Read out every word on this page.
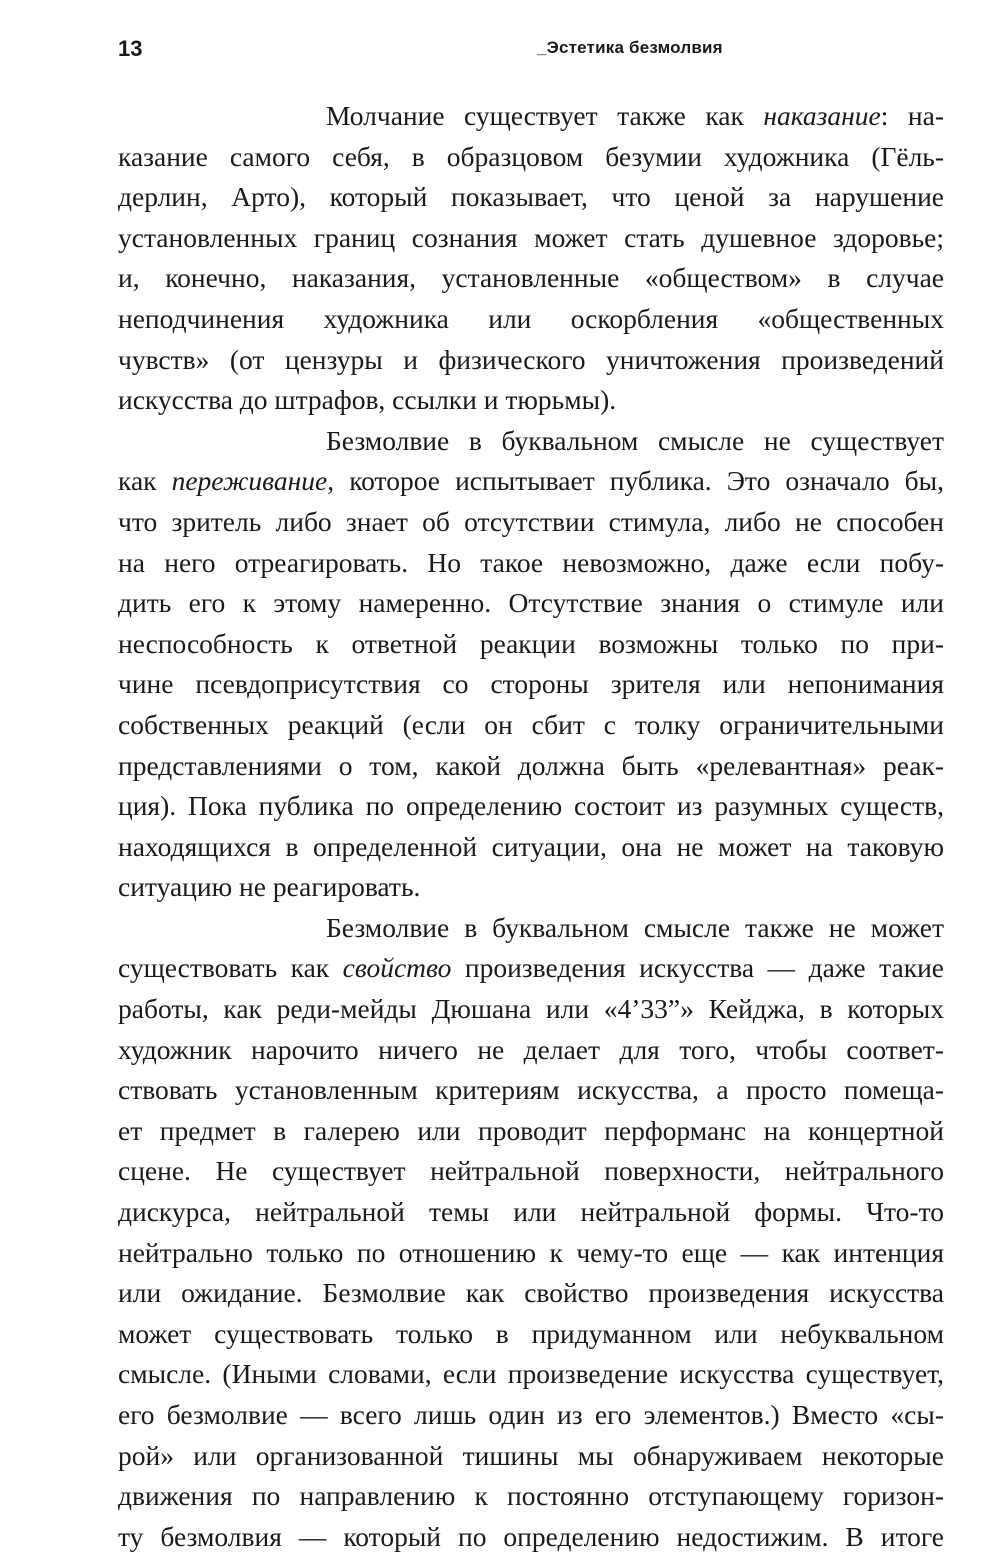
13	_Эстетика безмолвия
Молчание существует также как наказание: на-
казание самого себя, в образцовом безумии художника (Гёль-
дерлин, Арто), который показывает, что ценой за нарушение
установленных границ сознания может стать душевное здоровье;
и, конечно, наказания, установленные «обществом» в случае
неподчинения художника или оскорбления «общественных
чувств» (от цензуры и физического уничтожения произведений
искусства до штрафов, ссылки и тюрьмы).
Безмолвие в буквальном смысле не существует
как переживание, которое испытывает публика. Это означало бы,
что зритель либо знает об отсутствии стимула, либо не способен
на него отреагировать. Но такое невозможно, даже если побу-
дить его к этому намеренно. Отсутствие знания о стимуле или
неспособность к ответной реакции возможны только по при-
чине псевдоприсутствия со стороны зрителя или непонимания
собственных реакций (если он сбит с толку ограничительными
представлениями о том, какой должна быть «релевантная» реак-
ция). Пока публика по определению состоит из разумных существ,
находящихся в определенной ситуации, она не может на таковую
ситуацию не реагировать.
Безмолвие в буквальном смысле также не может
существовать как свойство произведения искусства — даже такие
работы, как реди-мейды Дюшана или «4’33”» Кейджа, в которых
художник нарочито ничего не делает для того, чтобы соответ-
ствовать установленным критериям искусства, а просто помеща-
ет предмет в галерею или проводит перформанс на концертной
сцене. Не существует нейтральной поверхности, нейтрального
дискурса, нейтральной темы или нейтральной формы. Что-то
нейтрально только по отношению к чему-то еще — как интенция
или ожидание. Безмолвие как свойство произведения искусства
может существовать только в придуманном или небуквальном
смысле. (Иными словами, если произведение искусства существует,
его безмолвие — всего лишь один из его элементов.) Вместо «сы-
рой» или организованной тишины мы обнаруживаем некоторые
движения по направлению к постоянно отступающему горизон-
ту безмолвия — который по определению недостижим. В итоге
